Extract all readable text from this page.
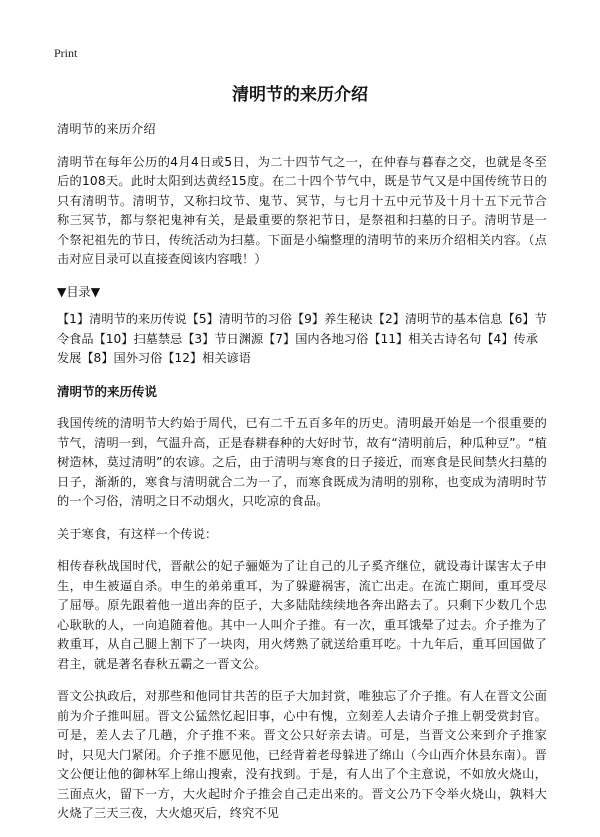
Print
清明节的来历介绍

清明节的来历介绍

清明节在每年公历的4月4日或5日，为二十四节气之一，在仲春与暮春之交，也就是冬至后的108天。此时太阳到达黄经15度。在二十四个节气中，既是节气又是中国传统节日的只有清明节。清明节，又称扫坟节、鬼节、冥节，与七月十五中元节及十月十五下元节合称三冥节，都与祭祀鬼神有关，是最重要的祭祀节日，是祭祖和扫墓的日子。清明节是一个祭祀祖先的节日，传统活动为扫墓。下面是小编整理的清明节的来历介绍相关内容。（点击对应目录可以直接查阅该内容哦！）

▼目录▼

【1】清明节的来历传说【5】清明节的习俗【9】养生秘诀【2】清明节的基本信息【6】节令食品【10】扫墓禁忌【3】节日渊源【7】国内各地习俗【11】相关古诗名句【4】传承发展【8】国外习俗【12】相关谚语

清明节的来历传说

我国传统的清明节大约始于周代，已有二千五百多年的历史。清明最开始是一个很重要的节气，清明一到，气温升高，正是春耕春种的大好时节，故有“清明前后，种瓜种豆”。“植树造林，莫过清明”的农谚。之后，由于清明与寒食的日子接近，而寒食是民间禁火扫墓的日子，渐渐的，寒食与清明就合二为一了，而寒食既成为清明的别称，也变成为清明时节的一个习俗，清明之日不动烟火，只吃凉的食品。

关于寒食，有这样一个传说：

相传春秋战国时代，晋献公的妃子骊姬为了让自己的儿子奚齐继位，就设毒计谋害太子申生，申生被逼自杀。申生的弟弟重耳，为了躲避祸害，流亡出走。在流亡期间，重耳受尽了屈辱。原先跟着他一道出奔的臣子，大多陆陆续续地各奔出路去了。只剩下少数几个忠心耿耿的人，一向追随着他。其中一人叫介子推。有一次，重耳饿晕了过去。介子推为了救重耳，从自己腿上割下了一块肉，用火烤熟了就送给重耳吃。十九年后，重耳回国做了君主，就是著名春秋五霸之一晋文公。

晋文公执政后，对那些和他同甘共苦的臣子大加封赏，唯独忘了介子推。有人在晋文公面前为介子推叫屈。晋文公猛然忆起旧事，心中有愧，立刻差人去请介子推上朝受赏封官。可是，差人去了几趟，介子推不来。晋文公只好亲去请。可是，当晋文公来到介子推家时，只见大门紧闭。介子推不愿见他，已经背着老母躲进了绵山（今山西介休县东南）。晋文公便让他的御林军上绵山搜索，没有找到。于是，有人出了个主意说，不如放火烧山，三面点火，留下一方，大火起时介子推会自己走出来的。晋文公乃下令举火烧山，孰料大火烧了三天三夜，大火熄灭后，终究不见
